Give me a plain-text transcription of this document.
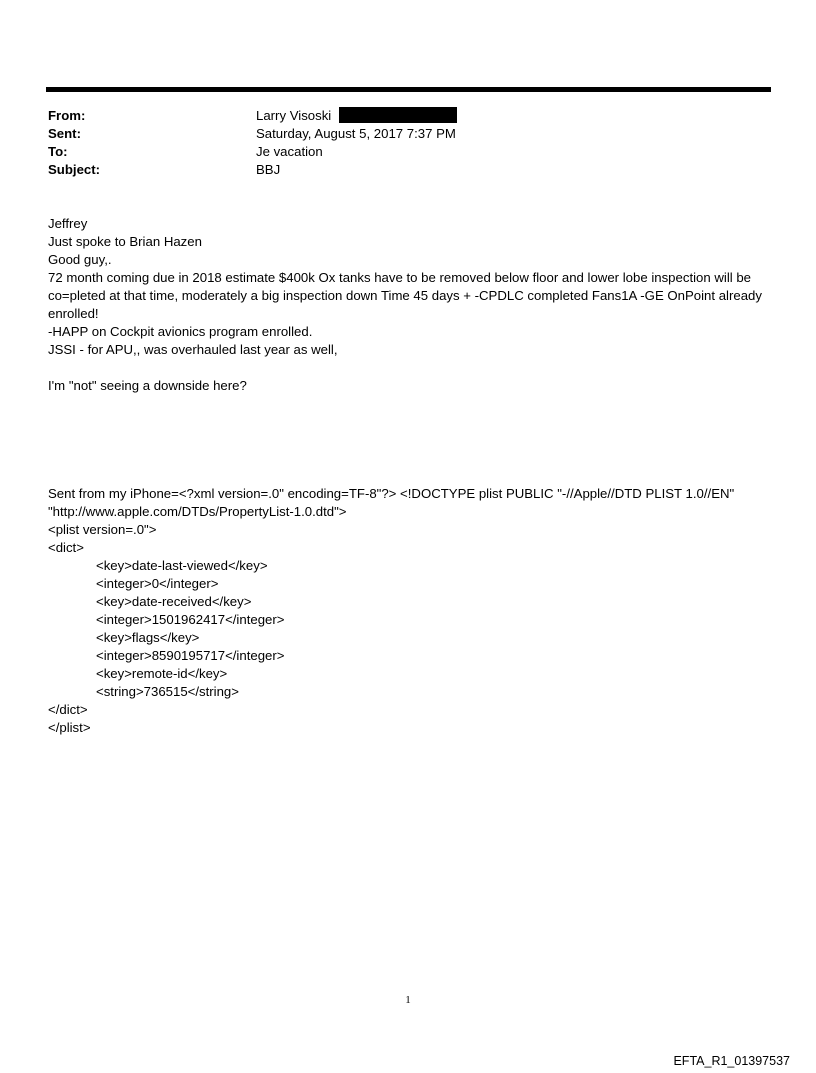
From:	Larry Visoski
Sent:	Saturday, August 5, 2017 7:37 PM
To:	Je vacation
Subject:	BBJ

Jeffrey

Just spoke to Brian Hazen

Good guy,.

72 month coming due in 2018 estimate $400k Ox tanks have to be removed below floor and lower lobe inspection will be co=pleted at that time, moderately a big inspection down Time 45 days + -CPDLC completed Fans1A -GE OnPoint already enrolled!

-HAPP on Cockpit avionics program enrolled.

JSSI - for APU,, was overhauled last year as well,

I'm "not" seeing a downside here?

Sent from my iPhone=<?xml version=.0" encoding=TF-8"?> <!DOCTYPE plist PUBLIC "-//Apple//DTD PLIST 1.0//EN" "http://www.apple.com/DTDs/PropertyList-1.0.dtd">

<plist version=.0">

<dict>

<key>date-last-viewed</key>

<integer>0</integer>

<key>date-received</key>

<integer>1501962417</integer>

<key>flags</key>

<integer>8590195717</integer>

<key>remote-id</key>

<string>736515</string>

</dict>

</plist>

1
EFTA_R1_01397537
